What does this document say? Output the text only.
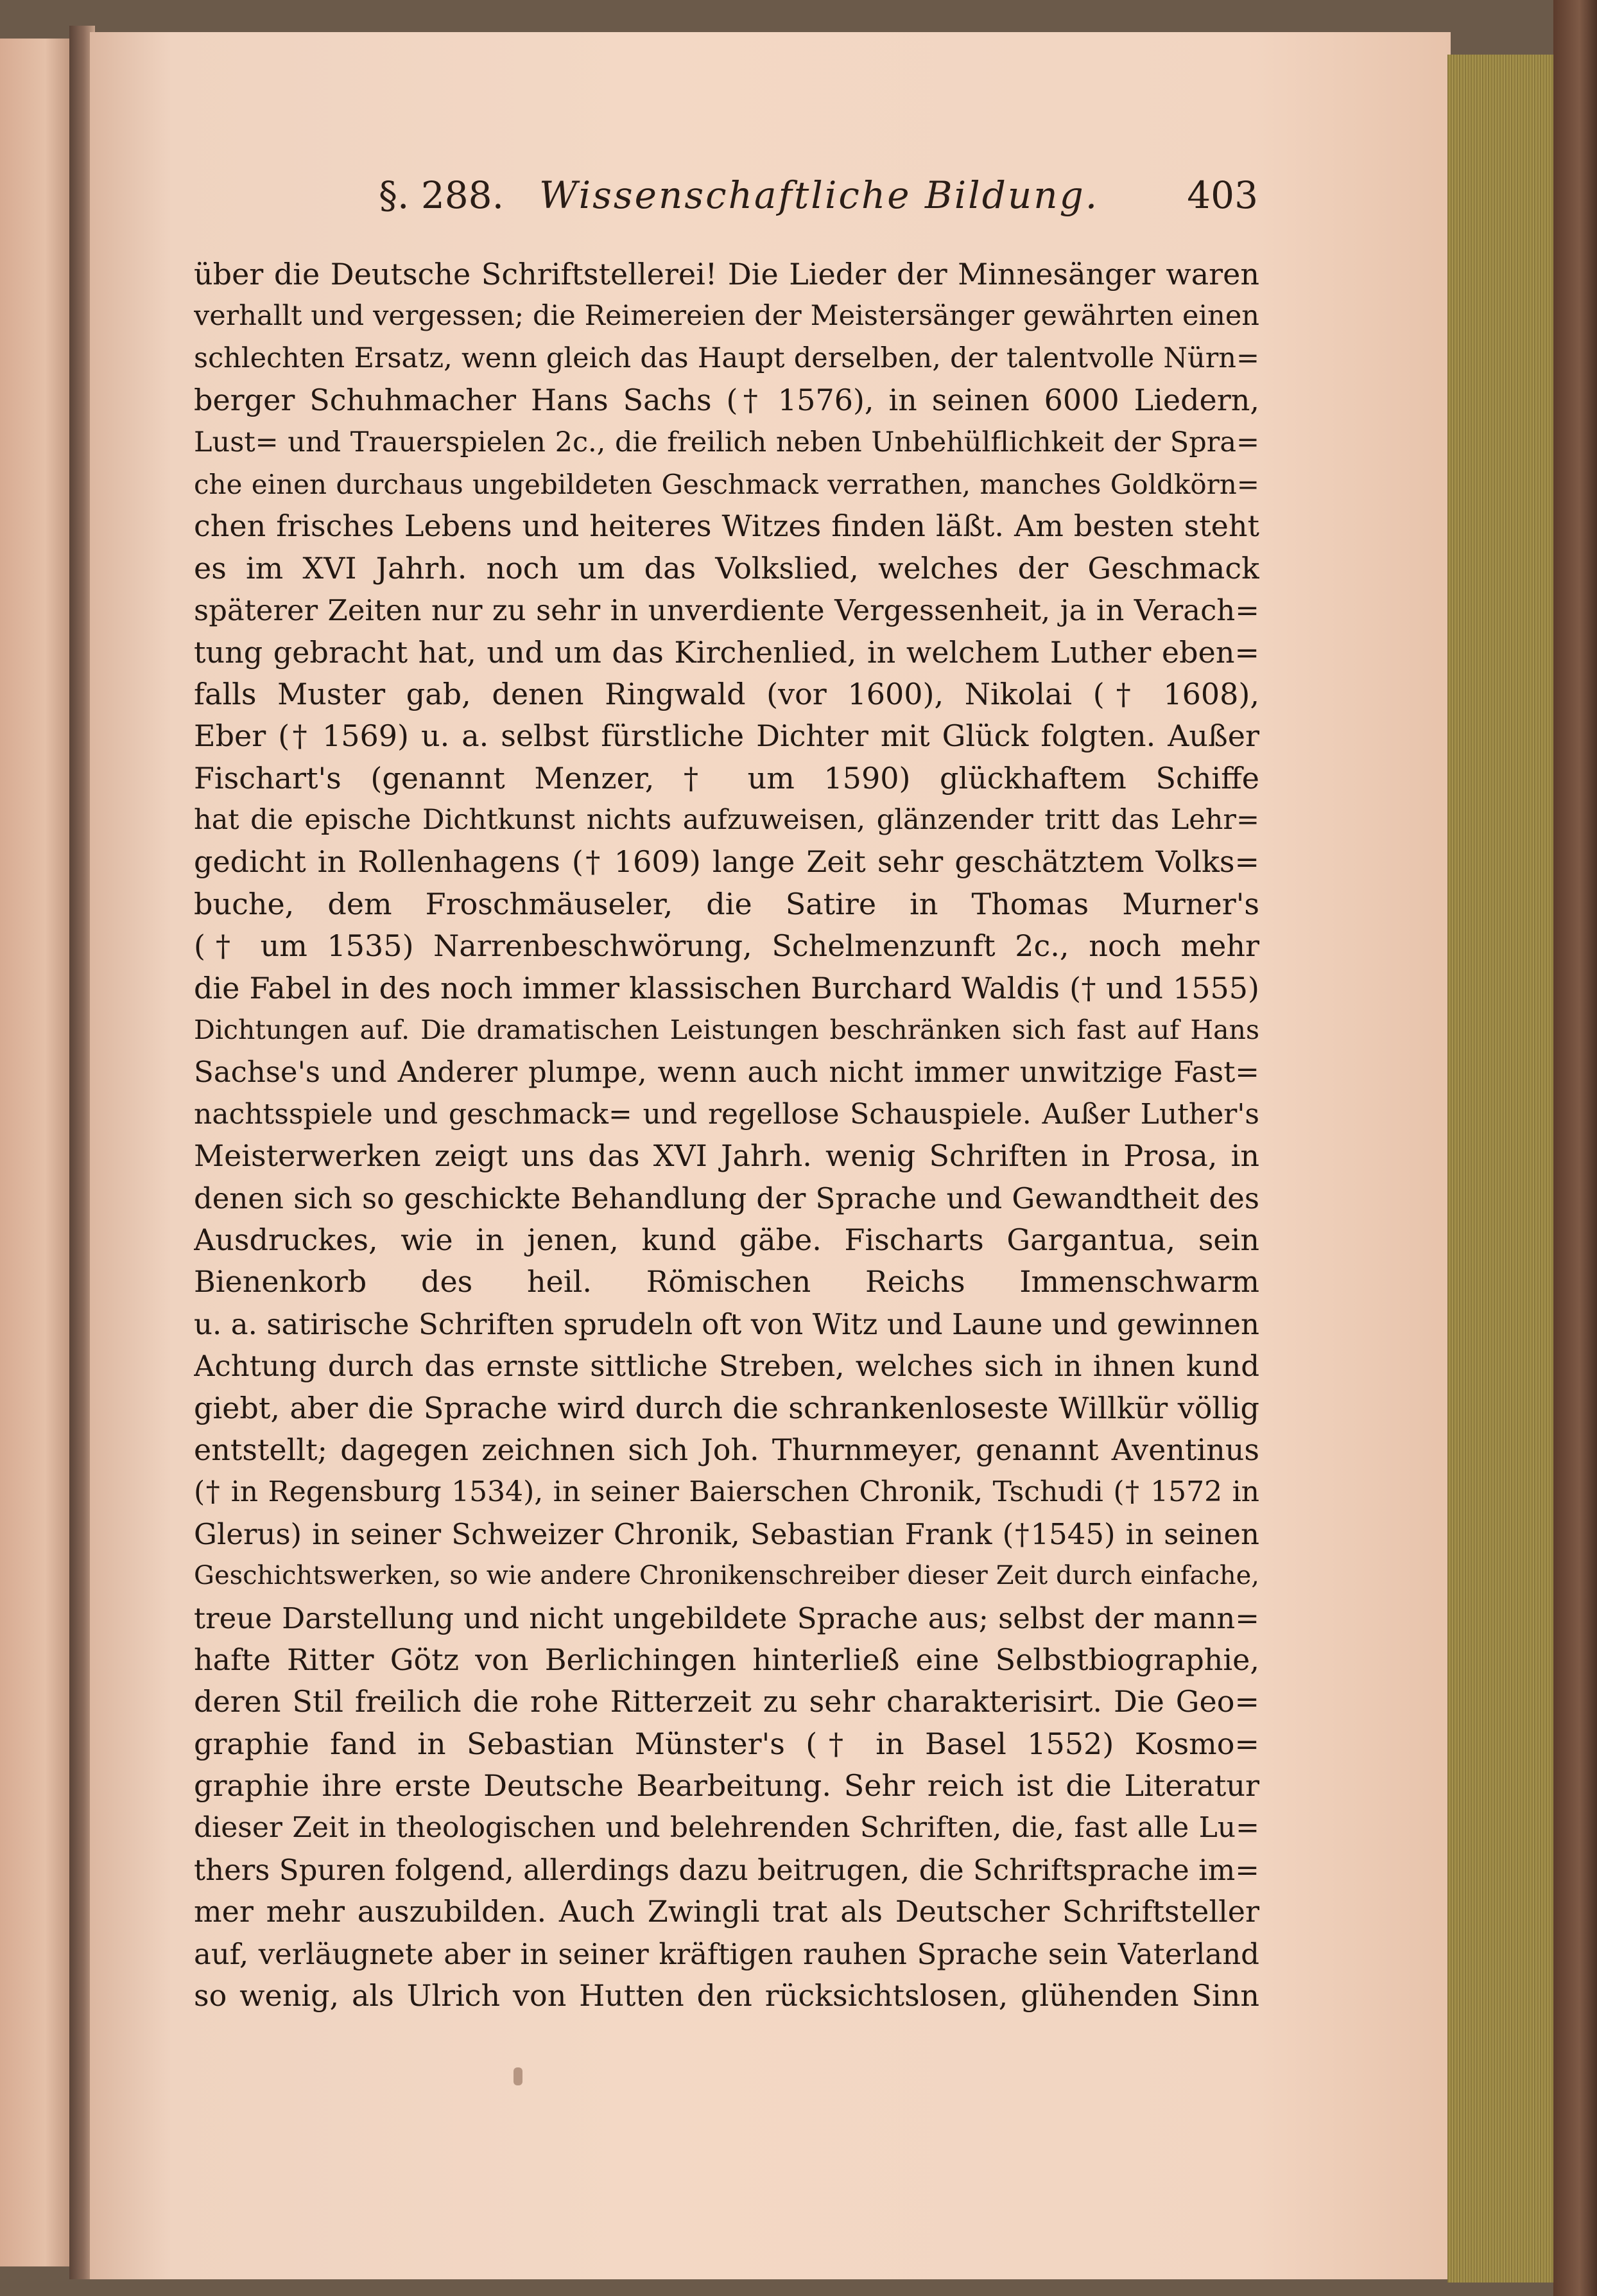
§. 288. Wissenschaftliche Bildung. 403
über die Deutsche Schriftstellerei! Die Lieder der Minnesänger waren
verhallt und vergessen; die Reimereien der Meistersänger gewährten einen
schlechten Ersatz, wenn gleich das Haupt derselben, der talentvolle Nürn=
berger Schuhmacher Hans Sachs († 1576), in seinen 6000 Liedern,
Lust= und Trauerspielen 2c., die freilich neben Unbehülflichkeit der Spra=
che einen durchaus ungebildeten Geschmack verrathen, manches Goldkörn=
chen frisches Lebens und heiteres Witzes finden läßt. Am besten steht
es im XVI Jahrh. noch um das Volkslied, welches der Geschmack
späterer Zeiten nur zu sehr in unverdiente Vergessenheit, ja in Verach=
tung gebracht hat, und um das Kirchenlied, in welchem Luther eben=
falls Muster gab, denen Ringwald (vor 1600), Nikolai († 1608),
Eber († 1569) u. a. selbst fürstliche Dichter mit Glück folgten. Außer
Fischart's (genannt Menzer, † um 1590) glückhaftem Schiffe
hat die epische Dichtkunst nichts aufzuweisen, glänzender tritt das Lehr=
gedicht in Rollenhagens († 1609) lange Zeit sehr geschätztem Volks=
buche, dem Froschmäuseler, die Satire in Thomas Murner's
(† um 1535) Narrenbeschwörung, Schelmenzunft 2c., noch mehr
die Fabel in des noch immer klassischen Burchard Waldis († und 1555)
Dichtungen auf. Die dramatischen Leistungen beschränken sich fast auf Hans
Sachse's und Anderer plumpe, wenn auch nicht immer unwitzige Fast=
nachtsspiele und geschmack= und regellose Schauspiele. Außer Luther's
Meisterwerken zeigt uns das XVI Jahrh. wenig Schriften in Prosa, in
denen sich so geschickte Behandlung der Sprache und Gewandtheit des
Ausdruckes, wie in jenen, kund gäbe. Fischarts Gargantua, sein
Bienenkorb des heil. Römischen Reichs Immenschwarm
u. a. satirische Schriften sprudeln oft von Witz und Laune und gewinnen
Achtung durch das ernste sittliche Streben, welches sich in ihnen kund
giebt, aber die Sprache wird durch die schrankenloseste Willkür völlig
entstellt; dagegen zeichnen sich Joh. Thurnmeyer, genannt Aventinus
(† in Regensburg 1534), in seiner Baierschen Chronik, Tschudi († 1572 in
Glerus) in seiner Schweizer Chronik, Sebastian Frank (†1545) in seinen
Geschichtswerken, so wie andere Chronikenschreiber dieser Zeit durch einfache,
treue Darstellung und nicht ungebildete Sprache aus; selbst der mann=
hafte Ritter Götz von Berlichingen hinterließ eine Selbstbiographie,
deren Stil freilich die rohe Ritterzeit zu sehr charakterisirt. Die Geo=
graphie fand in Sebastian Münster's († in Basel 1552) Kosmo=
graphie ihre erste Deutsche Bearbeitung. Sehr reich ist die Literatur
dieser Zeit in theologischen und belehrenden Schriften, die, fast alle Lu=
thers Spuren folgend, allerdings dazu beitrugen, die Schriftsprache im=
mer mehr auszubilden. Auch Zwingli trat als Deutscher Schriftsteller
auf, verläugnete aber in seiner kräftigen rauhen Sprache sein Vaterland
so wenig, als Ulrich von Hutten den rücksichtslosen, glühenden Sinn
